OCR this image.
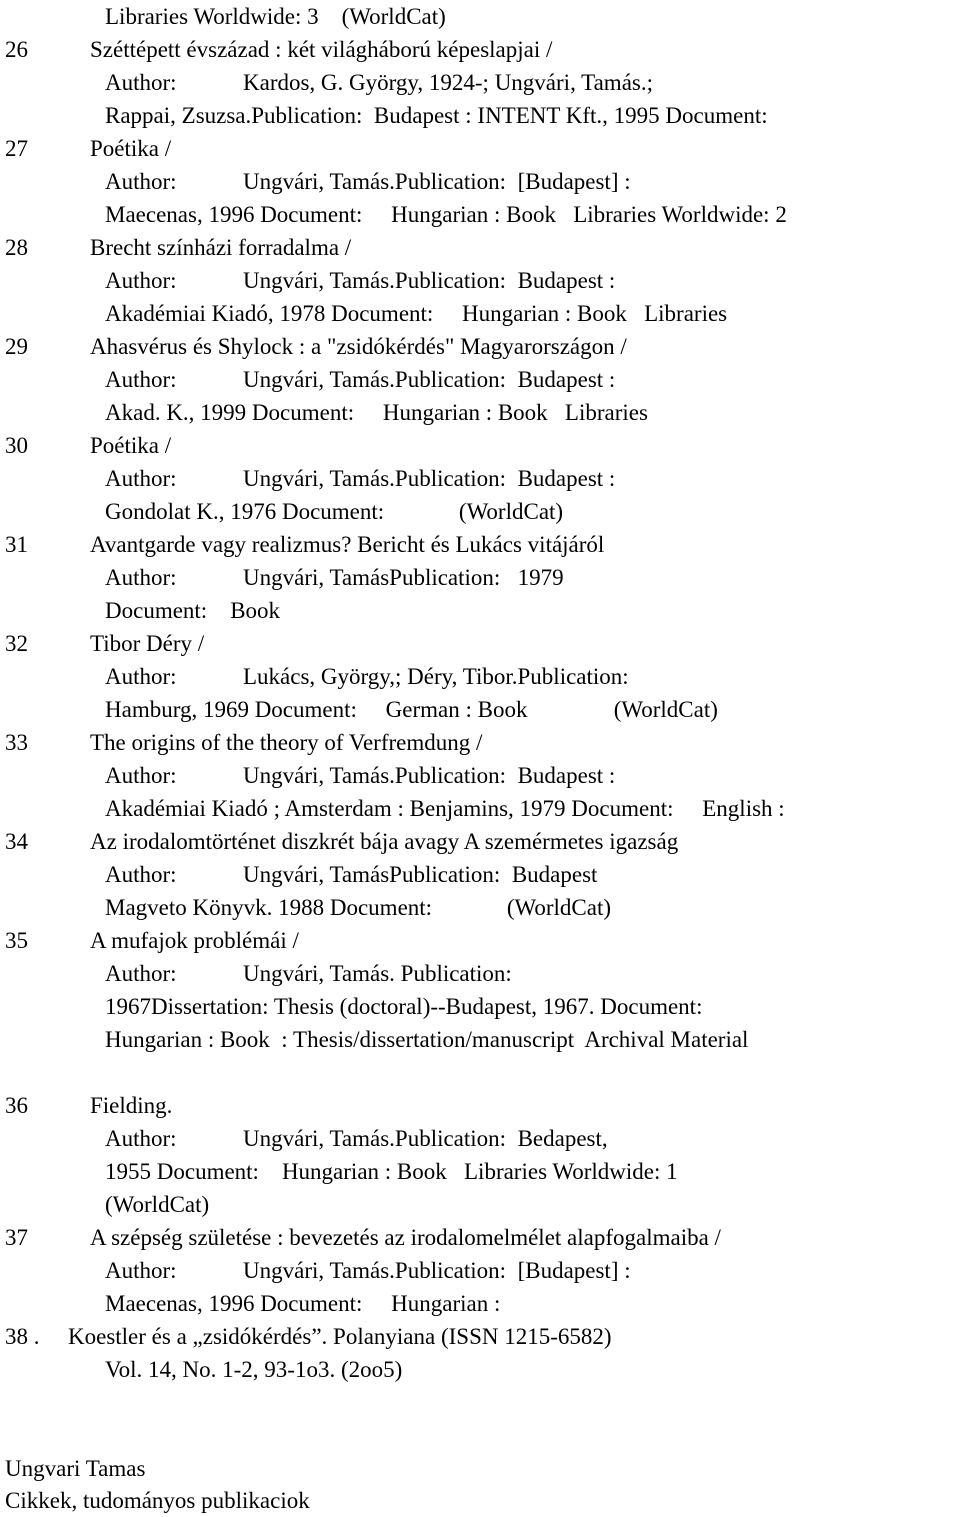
Libraries Worldwide: 3    (WorldCat)
26	Széttépett évszázad : két világháború képeslapjai /
Author:	Kardos, G. György, 1924-; Ungvári, Tamás.;
Rappai, Zsuzsa.Publication:  Budapest : INTENT Kft., 1995 Document:
27	Poétika /
Author:	Ungvári, Tamás.Publication:  [Budapest] :
Maecenas, 1996 Document:     Hungarian : Book   Libraries Worldwide: 2
28	Brecht színházi forradalma /
Author:	Ungvári, Tamás.Publication:  Budapest :
Akadémiai Kiadó, 1978 Document:     Hungarian : Book   Libraries
29	Ahasvérus és Shylock : a "zsidókérdés" Magyarországon /
Author:	Ungvári, Tamás.Publication:  Budapest :
Akad. K., 1999 Document:     Hungarian : Book   Libraries
30	Poétika /
Author:	Ungvári, Tamás.Publication:  Budapest :
Gondolat K., 1976 Document:             (WorldCat)
31	Avantgarde vagy realizmus? Bericht és Lukács vitájáról
Author:	Ungvári, TamásPublication:   1979
Document:    Book
32	Tibor Déry /
Author:	Lukács, György,; Déry, Tibor.Publication:
Hamburg, 1969 Document:     German : Book               (WorldCat)
33	The origins of the theory of Verfremdung /
Author:	Ungvári, Tamás.Publication:  Budapest :
Akadémiai Kiadó ; Amsterdam : Benjamins, 1979 Document:     English :
34	Az irodalomtörténet diszkrét bája avagy A szemérmetes igazság
Author:	Ungvári, TamásPublication:  Budapest
Magveto Könyvk. 1988 Document:             (WorldCat)
35	A mufajok problémái /
Author:	Ungvári, Tamás. Publication:
1967Dissertation: Thesis (doctoral)--Budapest, 1967. Document:
Hungarian : Book  : Thesis/dissertation/manuscript  Archival Material
36	Fielding.
Author:	Ungvári, Tamás.Publication:  Bedapest,
1955 Document:    Hungarian : Book   Libraries Worldwide: 1
(WorldCat)
37	A szépség születése : bevezetés az irodalomelmélet alapfogalmaiba /
Author:	Ungvári, Tamás.Publication:  [Budapest] :
Maecenas, 1996 Document:     Hungarian :
38 . Koestler és a „zsidókérdés”. Polanyiana (ISSN 1215-6582)
Vol. 14, No. 1-2, 93-1o3. (2oo5)
Ungvari Tamas
Cikkek, tudományos publikaciok
